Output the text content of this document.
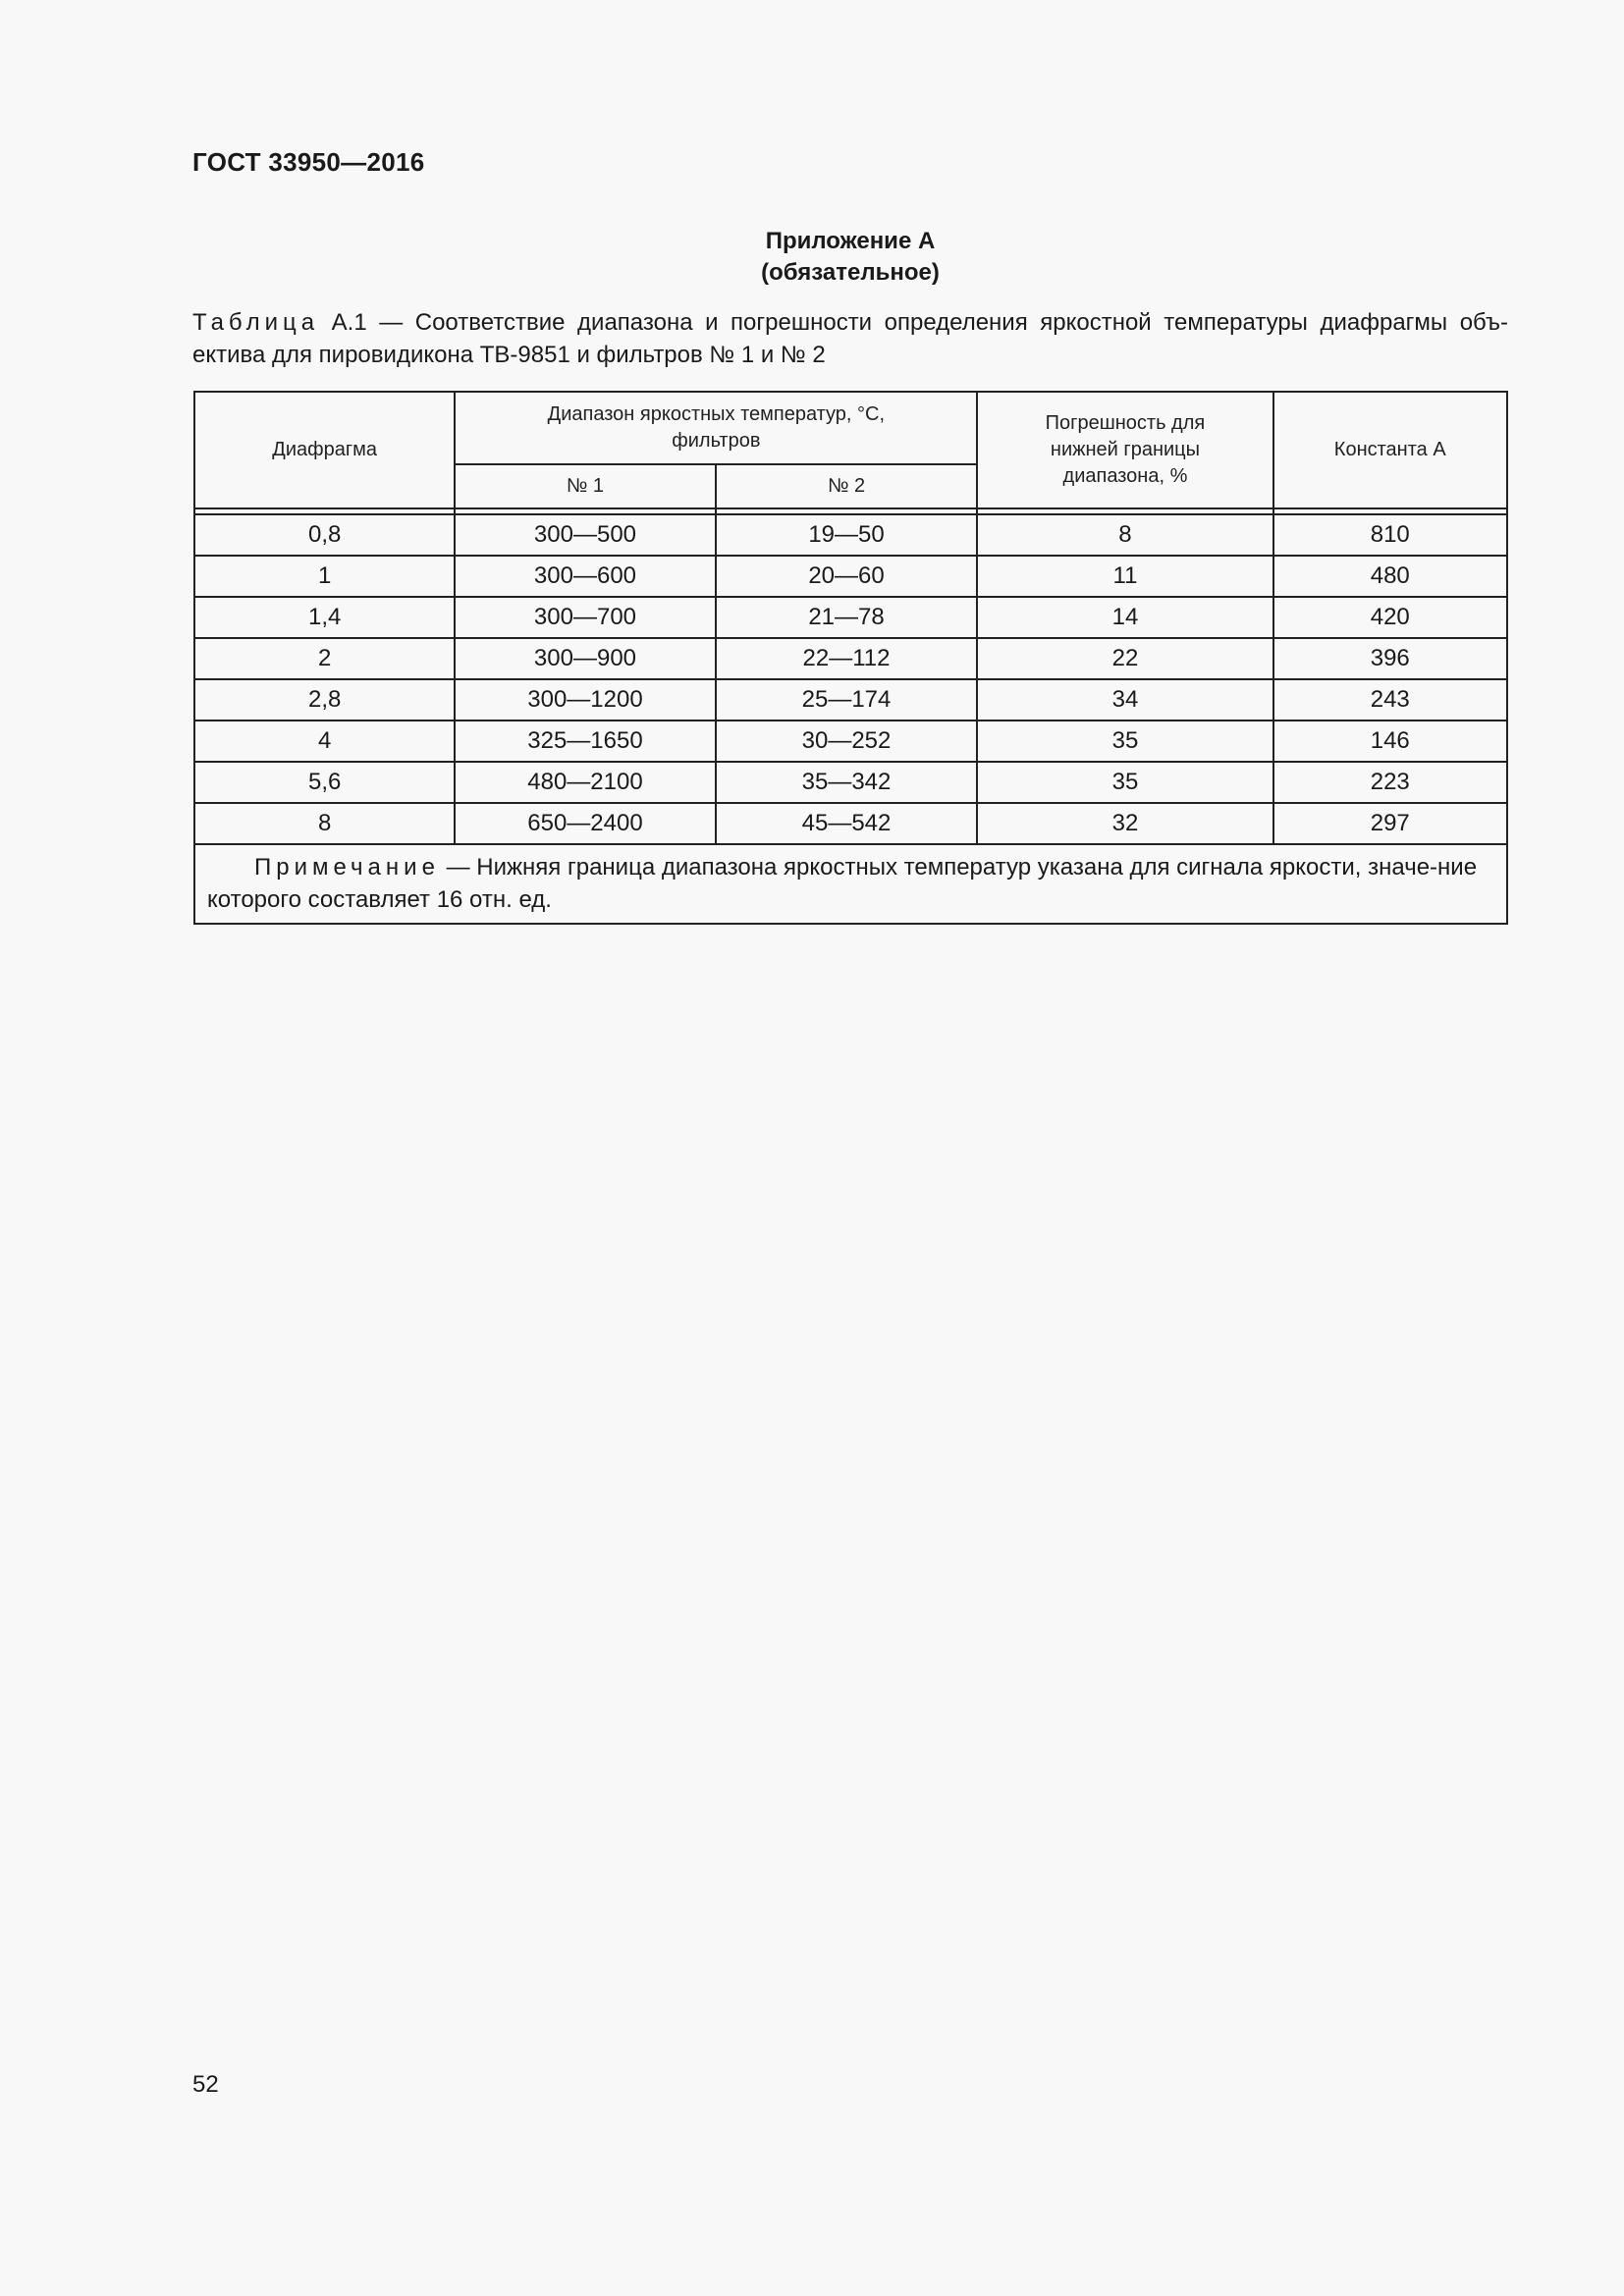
ГОСТ 33950—2016
Приложение А
(обязательное)
Таблица А.1 — Соответствие диапазона и погрешности определения яркостной температуры диафрагмы объ-ектива для пировидикона ТВ-9851 и фильтров № 1 и № 2
Диафрагма	Диапазон яркостных температур, °С, фильтров		Погрешность для нижней границы диапазона, %	Константа А
	№ 1	№ 2		

0,8	300—500	19—50	8	810
1	300—600	20—60	11	480
1,4	300—700	21—78	14	420
2	300—900	22—112	22	396
2,8	300—1200	25—174	34	243
4	325—1650	30—252	35	146
5,6	480—2100	35—342	35	223
8	650—2400	45—542	32	297
Примечание — Нижняя граница диапазона яркостных температур указана для сигнала яркости, значе-ние которого составляет 16 отн. ед.				
52
